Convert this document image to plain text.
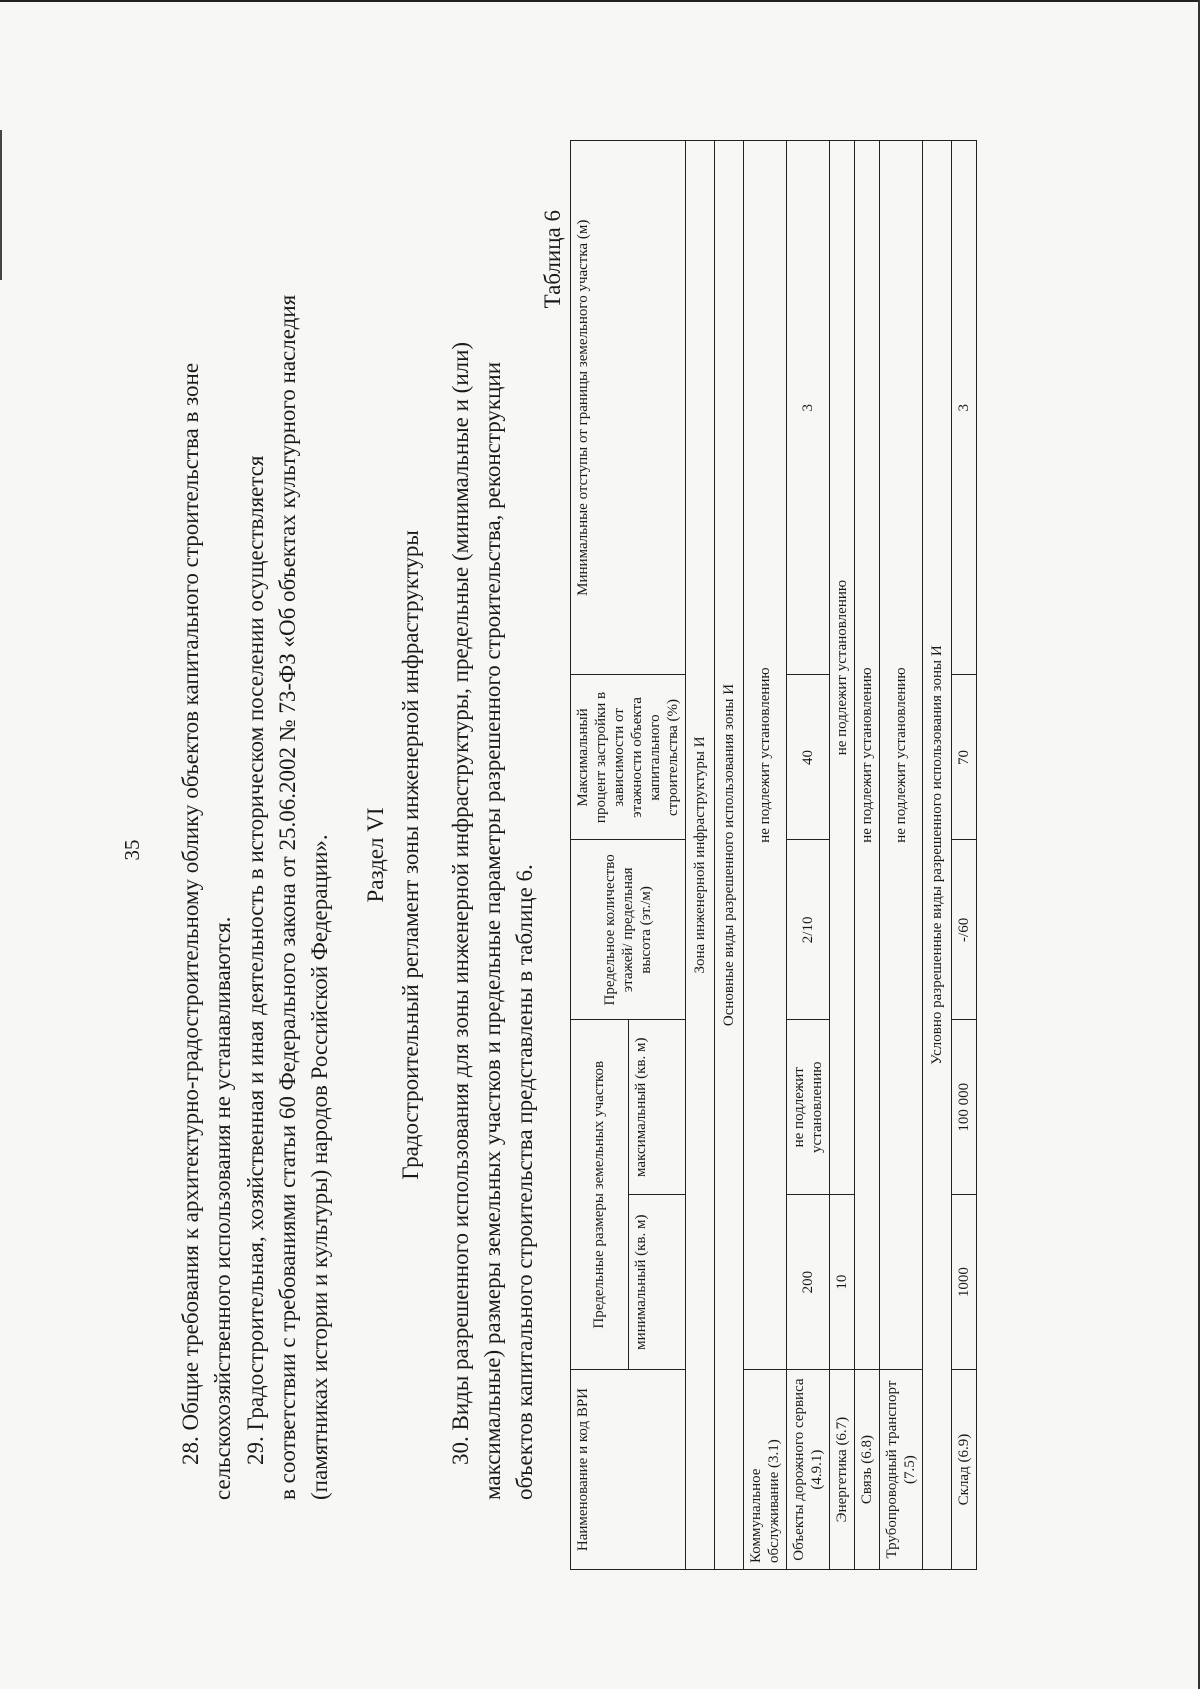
35 28. Общие требования к архитектурно-градостроительному облику объектов капитального строительства в зоне сельскохозяйственного использования не устанавливаются. 29. Градостроительная, хозяйственная и иная деятельность в историческом поселении осуществляется в соответствии с требованиями статьи 60 Федерального закона от 25.06.2002 № 73-ФЗ «Об объектах культурного наследия (памятниках истории и культуры) народов Российской Федерации». Раздел VI Градостроительный регламент зоны инженерной инфраструктуры 30. Виды разрешенного использования для зоны инженерной инфраструктуры, предельные (минимальные и (или) максимальные) размеры земельных участков и предельные параметры разрешенного строительства, реконструкции объектов капитального строительства представлены в таблице 6.
Таблица 6
Наименование и код ВРИ	Предельные размеры земельных участков		Предельное количество этажей/ предельная высота (эт./м)	Максимальный процент застройки в зависимости от этажности объекта капитального строительства (%)	Минимальные отступы от границы земельного участка (м)
	минимальный (кв. м)	максимальный (кв. м)			
Зона инженерной инфраструктуры И					
Основные виды разрешенного использования зоны И					
Коммунальное обслуживание (3.1)	не подлежит установлению				
Объекты дорожного сервиса (4.9.1)	200	не подлежит установлению	2/10	40	3
Энергетика (6.7)	10	не подлежит установлению			
Связь (6.8)	не подлежит установлению				
Трубопроводный транспорт (7.5)	не подлежит установлению				
Условно разрешенные виды разрешенного использования зоны И					
Склад (6.9)	1000	100 000	-/60	70	3
